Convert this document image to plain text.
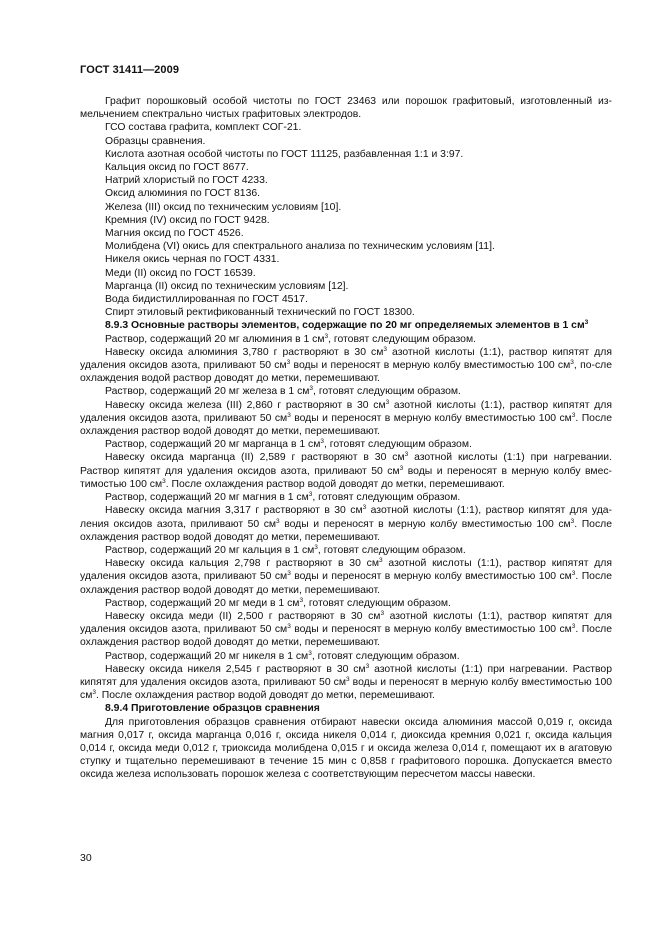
ГОСТ 31411—2009

Графит порошковый особой чистоты по ГОСТ 23463 или порошок графитовый, изготовленный из-мельчением спектрально чистых графитовых электродов.

ГСО состава графита, комплект СОГ-21.

Образцы сравнения.

Кислота азотная особой чистоты по ГОСТ 11125, разбавленная 1:1 и 3:97.

Кальция оксид по ГОСТ 8677.

Натрий хлористый по ГОСТ 4233.

Оксид алюминия по ГОСТ 8136.

Железа (III) оксид по техническим условиям [10].

Кремния (IV) оксид по ГОСТ 9428.

Магния оксид по ГОСТ 4526.

Молибдена (VI) окись для спектрального анализа по техническим условиям [11].

Никеля окись черная по ГОСТ 4331.

Меди (II) оксид по ГОСТ 16539.

Марганца (II) оксид по техническим условиям [12].

Вода бидистиллированная по ГОСТ 4517.

Спирт этиловый ректификованный технический по ГОСТ 18300.

8.9.3 Основные растворы элементов, содержащие по 20 мг определяемых элементов в 1 $см^3$

Раствор, содержащий 20 мг алюминия в 1 $см^3$, готовят следующим образом.

Навеску оксида алюминия 3,780 г растворяют в 30 $см^3$ азотной кислоты (1:1), раствор кипятят для удаления оксидов азота, приливают 50 $см^3$ воды и переносят в мерную колбу вместимостью 100 $см^3$, по-сле охлаждения водой раствор доводят до метки, перемешивают.

Раствор, содержащий 20 мг железа в 1 $см^3$, готовят следующим образом.

Навеску оксида железа (III) 2,860 г растворяют в 30 $см^3$ азотной кислоты (1:1), раствор кипятят для удаления оксидов азота, приливают 50 $см^3$ воды и переносят в мерную колбу вместимостью 100 $см^3$. После охлаждения раствор водой доводят до метки, перемешивают.

Раствор, содержащий 20 мг марганца в 1 $см^3$, готовят следующим образом.

Навеску оксида марганца (II) 2,589 г растворяют в 30 $см^3$ азотной кислоты (1:1) при нагревании. Раствор кипятят для удаления оксидов азота, приливают 50 $см^3$ воды и переносят в мерную колбу вмес-тимостью 100 $см^3$. После охлаждения раствор водой доводят до метки, перемешивают.

Раствор, содержащий 20 мг магния в 1 $см^3$, готовят следующим образом.

Навеску оксида магния 3,317 г растворяют в 30 $см^3$ азотной кислоты (1:1), раствор кипятят для уда-ления оксидов азота, приливают 50 $см^3$ воды и переносят в мерную колбу вместимостью 100 $см^3$. После охлаждения раствор водой доводят до метки, перемешивают.

Раствор, содержащий 20 мг кальция в 1 $см^3$, готовят следующим образом.

Навеску оксида кальция 2,798 г растворяют в 30 $см^3$ азотной кислоты (1:1), раствор кипятят для удаления оксидов азота, приливают 50 $см^3$ воды и переносят в мерную колбу вместимостью 100 $см^3$. После охлаждения раствор водой доводят до метки, перемешивают.

Раствор, содержащий 20 мг меди в 1 $см^3$, готовят следующим образом.

Навеску оксида меди (II) 2,500 г растворяют в 30 $см^3$ азотной кислоты (1:1), раствор кипятят для удаления оксидов азота, приливают 50 $см^3$ воды и переносят в мерную колбу вместимостью 100 $см^3$. После охлаждения раствор водой доводят до метки, перемешивают.

Раствор, содержащий 20 мг никеля в 1 $см^3$, готовят следующим образом.

Навеску оксида никеля 2,545 г растворяют в 30 $см^3$ азотной кислоты (1:1) при нагревании. Раствор кипятят для удаления оксидов азота, приливают 50 $см^3$ воды и переносят в мерную колбу вместимостью 100 $см^3$. После охлаждения раствор водой доводят до метки, перемешивают.

8.9.4 Приготовление образцов сравнения

Для приготовления образцов сравнения отбирают навески оксида алюминия массой 0,019 г, оксида магния 0,017 г, оксида марганца 0,016 г, оксида никеля 0,014 г, диоксида кремния 0,021 г, оксида кальция 0,014 г, оксида меди 0,012 г, триоксида молибдена 0,015 г и оксида железа 0,014 г, помещают их в агатовую ступку и тщательно перемешивают в течение 15 мин с 0,858 г графитового порошка. Допускается вместо оксида железа использовать порошок железа с соответствующим пересчетом массы навески.

30
